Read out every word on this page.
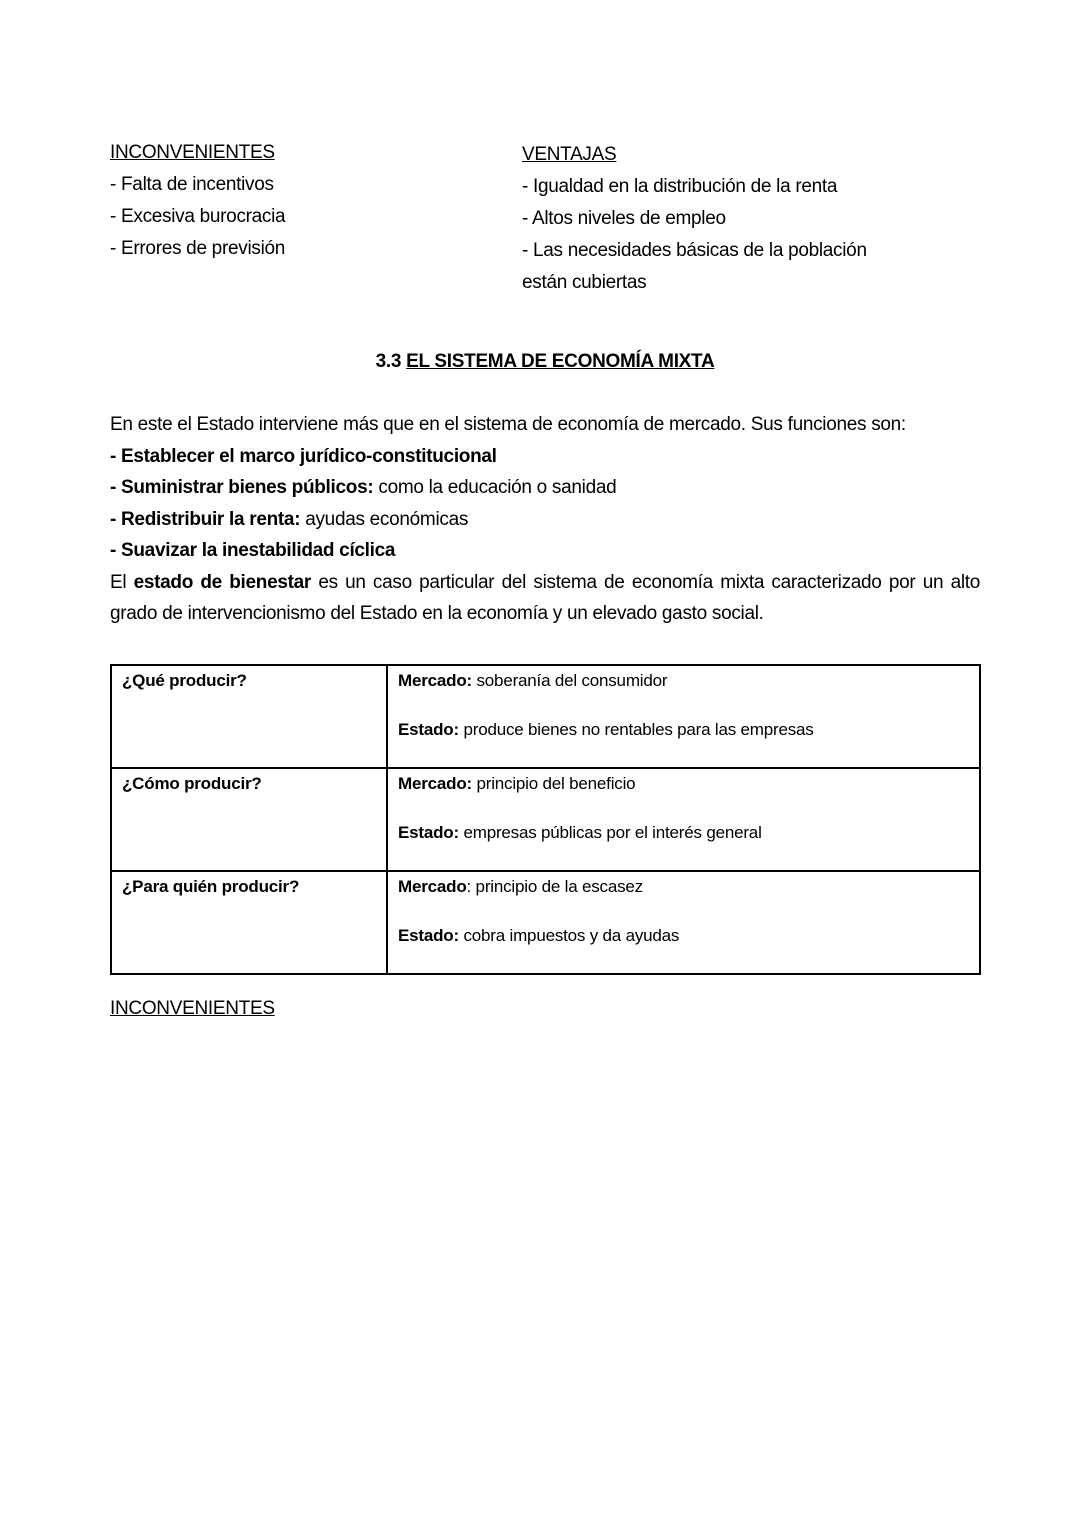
INCONVENIENTES
- Falta de incentivos
- Excesiva burocracia
- Errores de previsión
VENTAJAS
- Igualdad en la distribución de la renta
- Altos niveles de empleo
- Las necesidades básicas de la población
están cubiertas
3.3 EL SISTEMA DE ECONOMÍA MIXTA
En este el Estado interviene más que en el sistema de economía de mercado. Sus funciones son:
- Establecer el marco jurídico-constitucional
- Suministrar bienes públicos: como la educación o sanidad
- Redistribuir la renta: ayudas económicas
- Suavizar la inestabilidad cíclica
El estado de bienestar es un caso particular del sistema de economía mixta caracterizado por un alto grado de intervencionismo del Estado en la economía y un elevado gasto social.
¿Qué producir?	Mercado: soberanía del consumidor
Estado: produce bienes no rentables para las empresas

¿Cómo producir?	Mercado: principio del beneficio
Estado: empresas públicas por el interés general

¿Para quién producir?	Mercado: principio de la escasez
Estado: cobra impuestos y da ayudas
INCONVENIENTES
